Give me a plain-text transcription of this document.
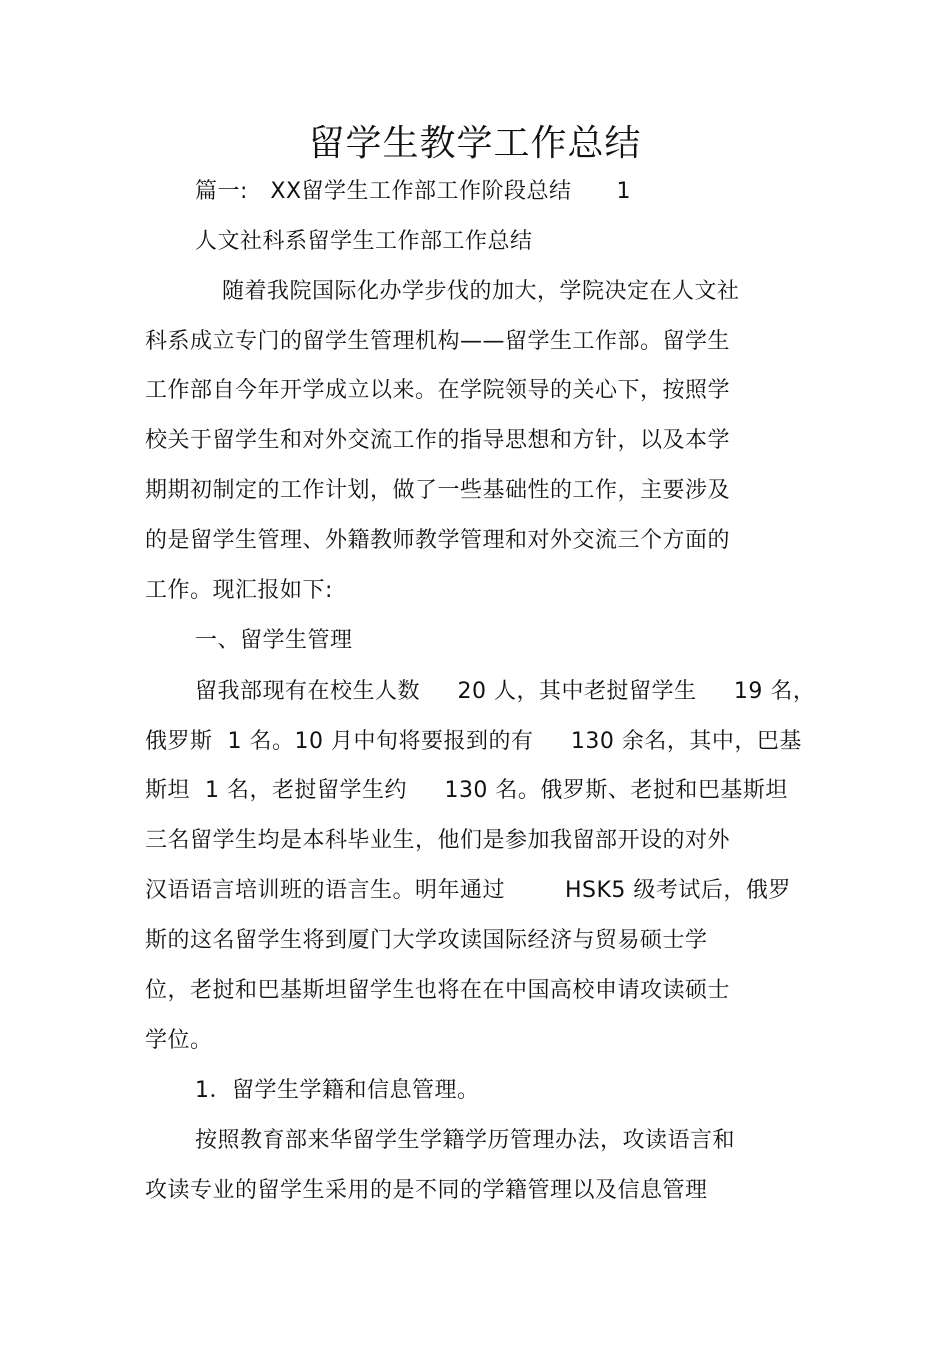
留学生教学工作总结
篇一:   XX留学生工作部工作阶段总结      1
人文社科系留学生工作部工作总结
随着我院国际化办学步伐的加大，学院决定在人文社
科系成立专门的留学生管理机构——留学生工作部。留学生
工作部自今年开学成立以来。在学院领导的关心下，按照学
校关于留学生和对外交流工作的指导思想和方针，以及本学
期期初制定的工作计划，做了一些基础性的工作，主要涉及
的是留学生管理、外籍教师教学管理和对外交流三个方面的
工作。现汇报如下:
一、留学生管理
留我部现有在校生人数     20 人，其中老挝留学生     19 名，
俄罗斯  1 名。10 月中旬将要报到的有     130 余名，其中，巴基
斯坦  1 名，老挝留学生约     130 名。俄罗斯、老挝和巴基斯坦
三名留学生均是本科毕业生，他们是参加我留部开设的对外
汉语语言培训班的语言生。明年通过        HSK5 级考试后，俄罗
斯的这名留学生将到厦门大学攻读国际经济与贸易硕士学
位，老挝和巴基斯坦留学生也将在在中国高校申请攻读硕士
学位。
1．留学生学籍和信息管理。
按照教育部来华留学生学籍学历管理办法，攻读语言和
攻读专业的留学生采用的是不同的学籍管理以及信息管理
